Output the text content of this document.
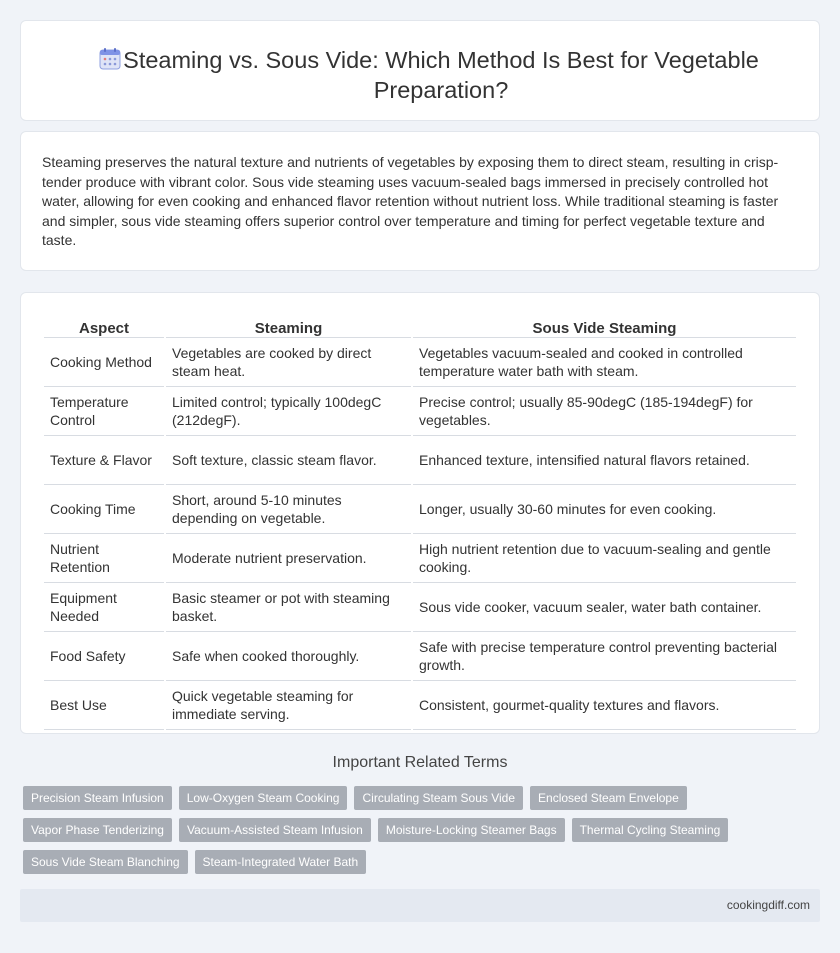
Steaming vs. Sous Vide: Which Method Is Best for Vegetable Preparation?

Steaming preserves the natural texture and nutrients of vegetables by exposing them to direct steam, resulting in crisp-tender produce with vibrant color. Sous vide steaming uses vacuum-sealed bags immersed in precisely controlled hot water, allowing for even cooking and enhanced flavor retention without nutrient loss. While traditional steaming is faster and simpler, sous vide steaming offers superior control over temperature and timing for perfect vegetable texture and taste.

Aspect	Steaming	Sous Vide Steaming
Cooking Method	Vegetables are cooked by direct steam heat.	Vegetables vacuum-sealed and cooked in controlled temperature water bath with steam.
Temperature Control	Limited control; typically 100degC (212degF).	Precise control; usually 85-90degC (185-194degF) for vegetables.
Texture & Flavor	Soft texture, classic steam flavor.	Enhanced texture, intensified natural flavors retained.
Cooking Time	Short, around 5-10 minutes depending on vegetable.	Longer, usually 30-60 minutes for even cooking.
Nutrient Retention	Moderate nutrient preservation.	High nutrient retention due to vacuum-sealing and gentle cooking.
Equipment Needed	Basic steamer or pot with steaming basket.	Sous vide cooker, vacuum sealer, water bath container.
Food Safety	Safe when cooked thoroughly.	Safe with precise temperature control preventing bacterial growth.
Best Use	Quick vegetable steaming for immediate serving.	Consistent, gourmet-quality textures and flavors.
Important Related Terms
Precision Steam Infusion	Low-Oxygen Steam Cooking	Circulating Steam Sous Vide	Enclosed Steam Envelope
Vapor Phase Tenderizing	Vacuum-Assisted Steam Infusion	Moisture-Locking Steamer Bags	Thermal Cycling Steaming
Sous Vide Steam Blanching	Steam-Integrated Water Bath
cookingdiff.com
